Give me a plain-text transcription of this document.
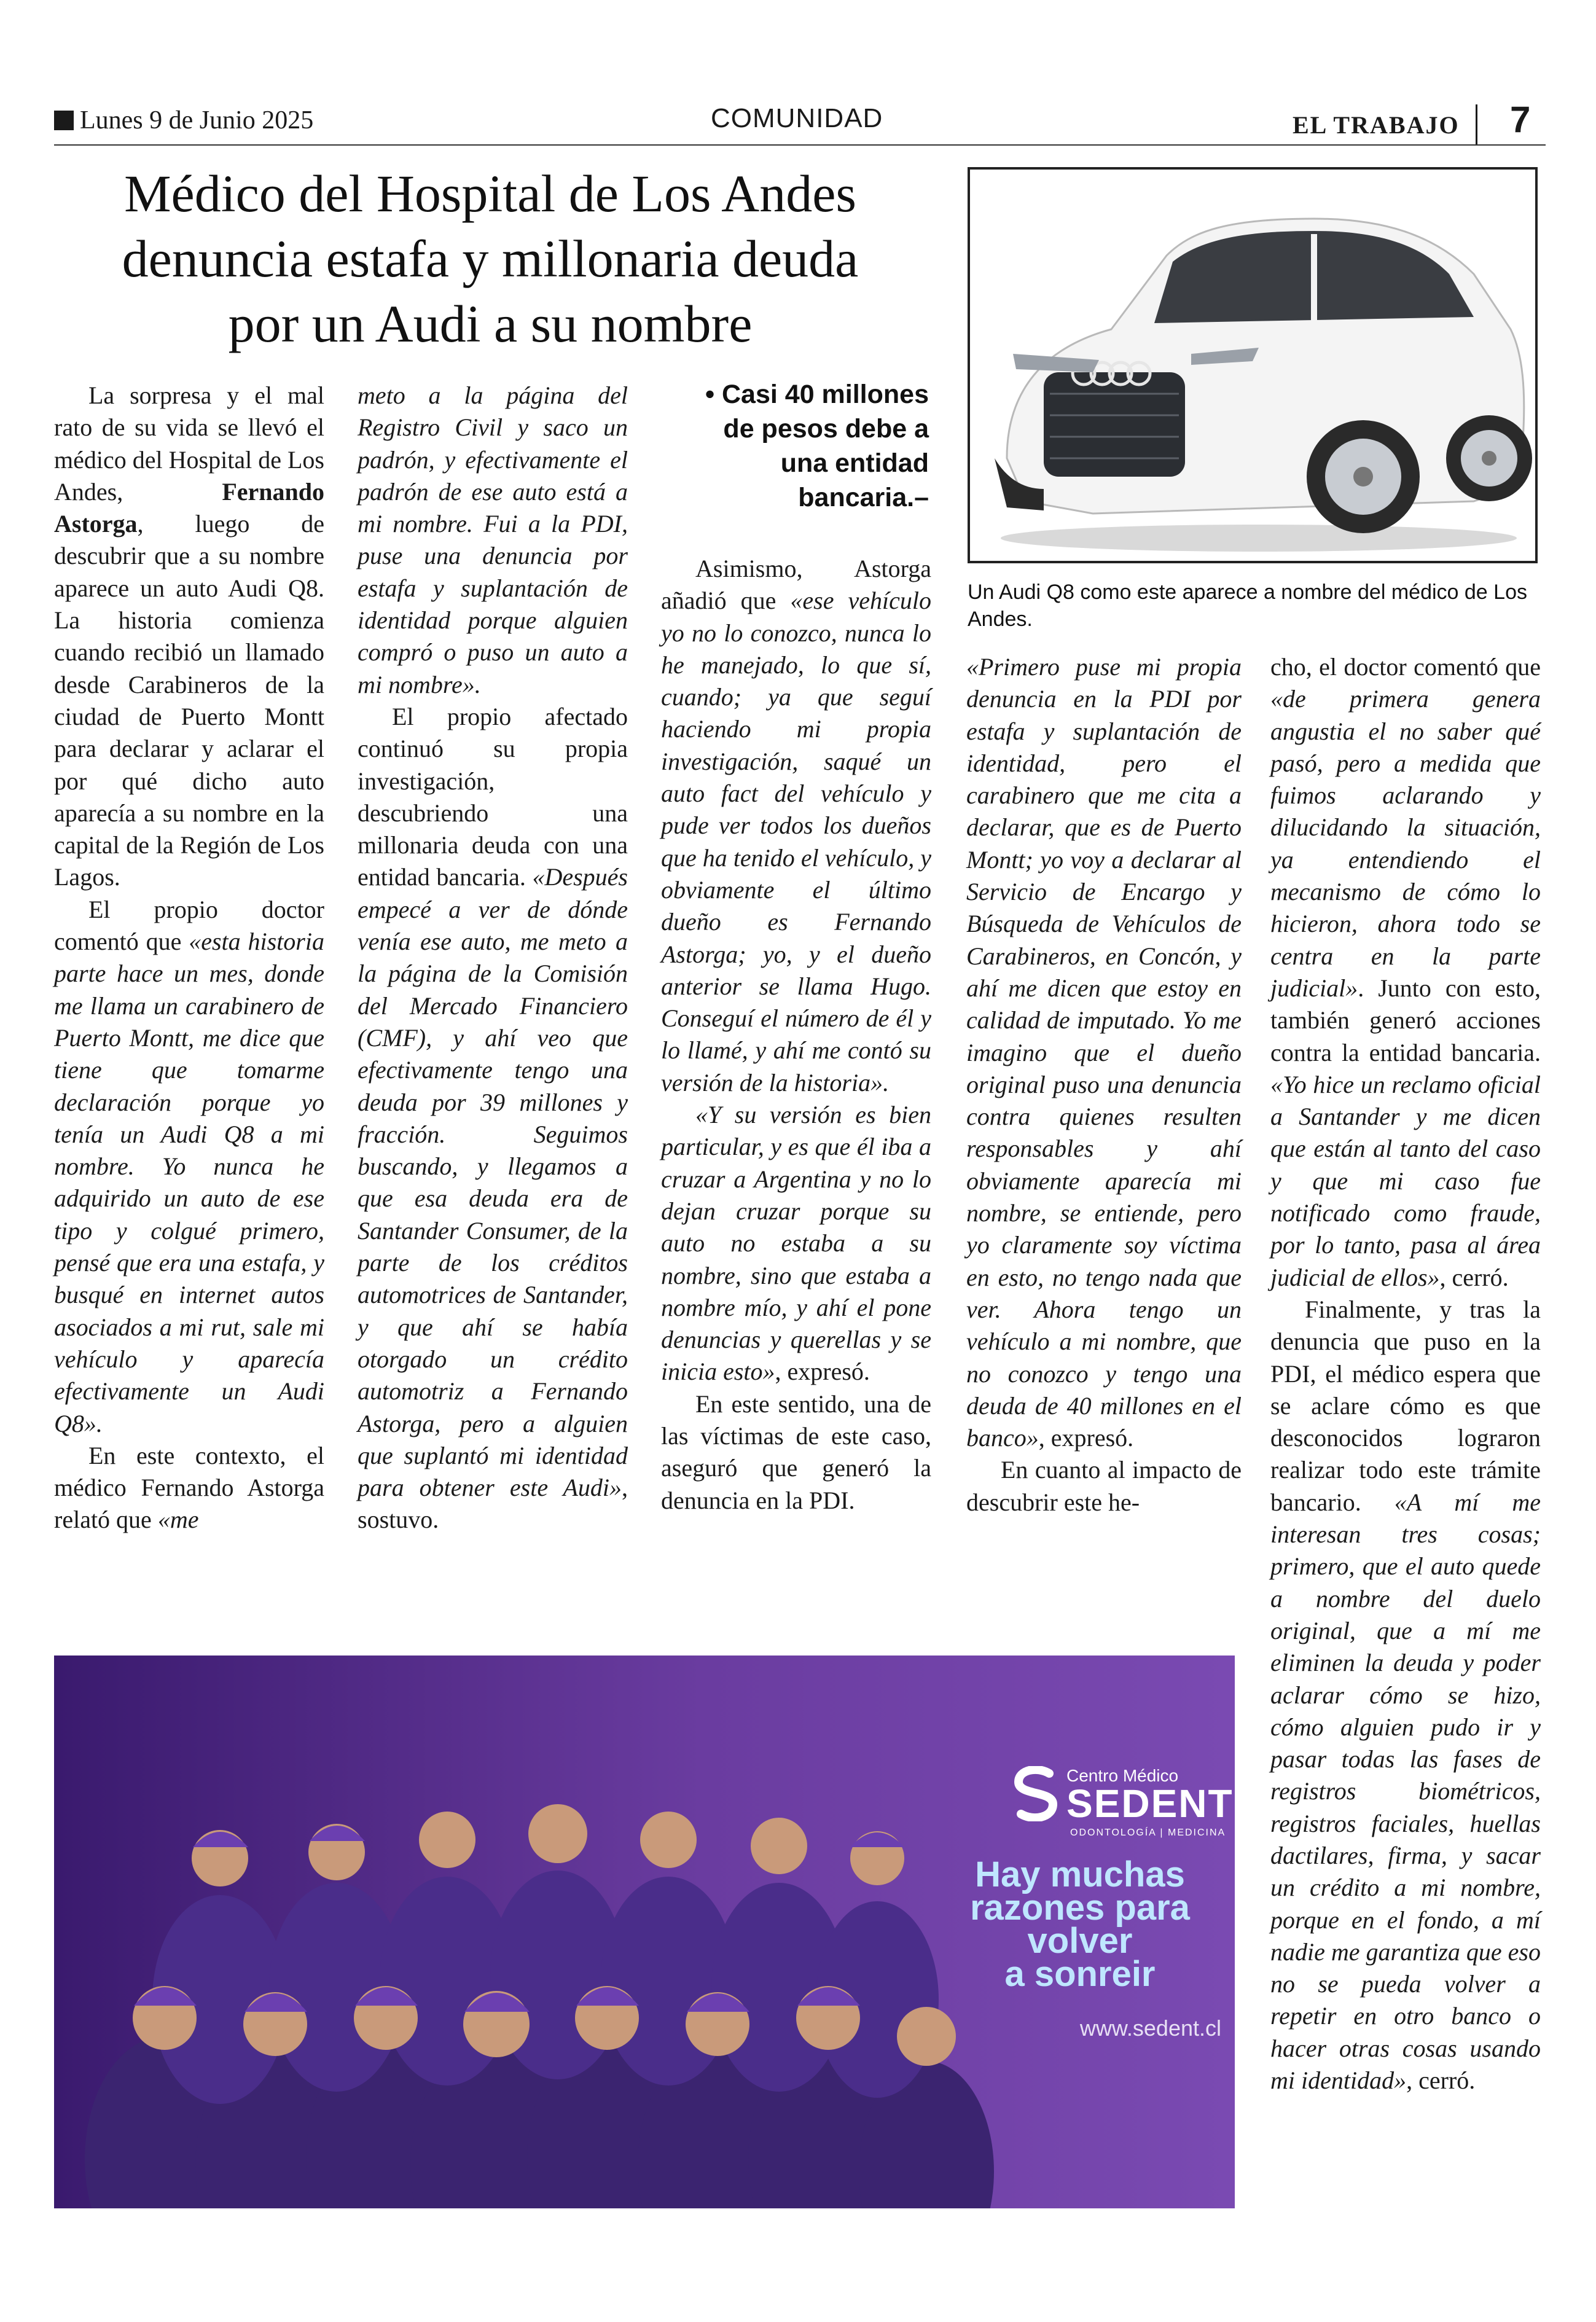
Lunes 9 de Junio 2025	COMUNIDAD	EL TRABAJO 7
Médico del Hospital de Los Andes
denuncia estafa y millonaria deuda
por un Audi a su nombre

La sorpresa y el mal rato de su vida se llevó el médico del Hospital de Los Andes, Fernando Astorga, luego de descubrir que a su nombre aparece un auto Audi Q8. La historia comienza cuando recibió un llamado desde Carabineros de la ciudad de Puerto Montt para declarar y aclarar el por qué dicho auto aparecía a su nombre en la capital de la Región de Los Lagos.

El propio doctor comentó que «esta historia parte hace un mes, donde me llama un carabinero de Puerto Montt, me dice que tiene que tomarme declaración porque yo tenía un Audi Q8 a mi nombre. Yo nunca he adquirido un auto de ese tipo y colgué primero, pensé que era una estafa, y busqué en internet autos asociados a mi rut, sale mi vehículo y aparecía efectivamente un Audi Q8».

En este contexto, el médico Fernando Astorga relató que «me

meto a la página del Registro Civil y saco un padrón, y efectivamente el padrón de ese auto está a mi nombre. Fui a la PDI, puse una denuncia por estafa y suplantación de identidad porque alguien compró o puso un auto a mi nombre».

El propio afectado continuó su propia investigación, descubriendo una millonaria deuda con una entidad bancaria. «Después empecé a ver de dónde venía ese auto, me meto a la página de la Comisión del Mercado Financiero (CMF), y ahí veo que efectivamente tengo una deuda por 39 millones y fracción. Seguimos buscando, y llegamos a que esa deuda era de Santander Consumer, de la parte de los créditos automotrices de Santander, y que ahí se había otorgado un crédito automotriz a Fernando Astorga, pero a alguien que suplantó mi identidad para obtener este Audi», sostuvo.

• Casi 40 millones de pesos debe a una entidad bancaria.–

Asimismo, Astorga añadió que «ese vehículo yo no lo conozco, nunca lo he manejado, lo que sí, cuando; ya que seguí haciendo mi propia investigación, saqué un auto fact del vehículo y pude ver todos los dueños que ha tenido el vehículo, y obviamente el último dueño es Fernando Astorga; yo, y el dueño anterior se llama Hugo. Conseguí el número de él y lo llamé, y ahí me contó su versión de la historia».

«Y su versión es bien particular, y es que él iba a cruzar a Argentina y no lo dejan cruzar porque su auto no estaba a su nombre, sino que estaba a nombre mío, y ahí el pone denuncias y querellas y se inicia esto», expresó.

En este sentido, una de las víctimas de este caso, aseguró que generó la denuncia en la PDI.

Un Audi Q8 como este aparece a nombre del médico de Los Andes.

«Primero puse mi propia denuncia en la PDI por estafa y suplantación de identidad, pero el carabinero que me cita a declarar, que es de Puerto Montt; yo voy a declarar al Servicio de Encargo y Búsqueda de Vehículos de Carabineros, en Concón, y ahí me dicen que estoy en calidad de imputado. Yo me imagino que el dueño original puso una denuncia contra quienes resulten responsables y ahí obviamente aparecía mi nombre, se entiende, pero yo claramente soy víctima en esto, no tengo nada que ver. Ahora tengo un vehículo a mi nombre, que no conozco y tengo una deuda de 40 millones en el banco», expresó.

En cuanto al impacto de descubrir este he-

cho, el doctor comentó que «de primera genera angustia el no saber qué pasó, pero a medida que fuimos aclarando y dilucidando la situación, ya entendiendo el mecanismo de cómo lo hicieron, ahora todo se centra en la parte judicial». Junto con esto, también generó acciones contra la entidad bancaria. «Yo hice un reclamo oficial a Santander y me dicen que están al tanto del caso y que mi caso fue notificado como fraude, por lo tanto, pasa al área judicial de ellos», cerró.

Finalmente, y tras la denuncia que puso en la PDI, el médico espera que se aclare cómo es que desconocidos lograron realizar todo este trámite bancario. «A mí me interesan tres cosas; primero, que el auto quede a nombre del duelo original, que a mí me eliminen la deuda y poder aclarar cómo se hizo, cómo alguien pudo ir y pasar todas las fases de registros biométricos, registros faciales, huellas dactilares, firma, y sacar un crédito a mi nombre, porque en el fondo, a mí nadie me garantiza que eso no se pueda volver a repetir en otro banco o hacer otras cosas usando mi identidad», cerró.

Centro Médico
SEDENT
ODONTOLOGÍA | MEDICINA
Hay muchas
razones para
volver
a sonreir
www.sedent.cl
